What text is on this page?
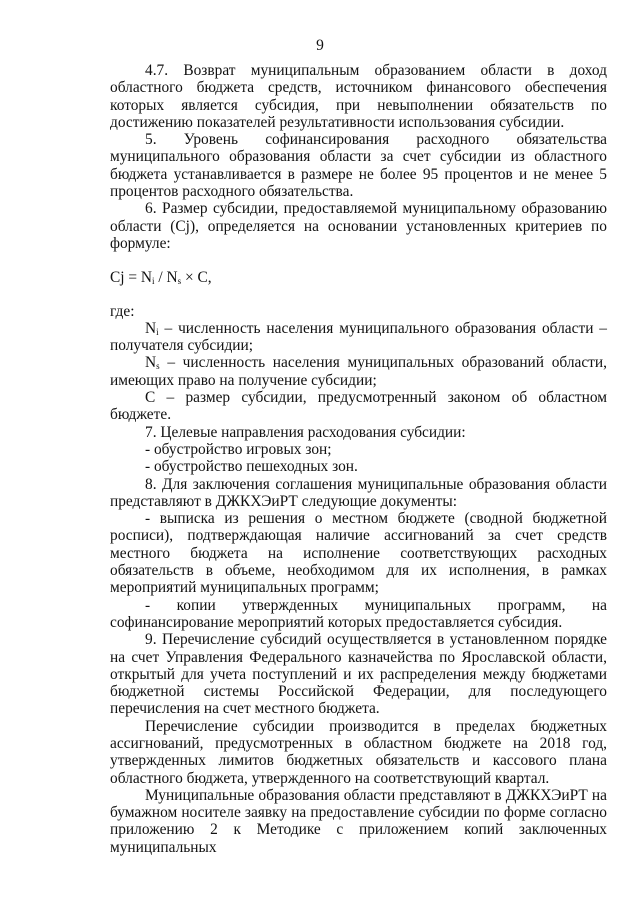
9

4.7. Возврат муниципальным образованием области в доход областного бюджета средств, источником финансового обеспечения которых является субсидия, при невыполнении обязательств по достижению показателей результативности использования субсидии.

5. Уровень софинансирования расходного обязательства муниципального образования области за счет субсидии из областного бюджета устанавливается в размере не более 95 процентов и не менее 5 процентов расходного обязательства.

6. Размер субсидии, предоставляемой муниципальному образованию области (Cj), определяется на основании установленных критериев по формуле:

$Cj = N_i / N_s \times С$,

где:

$N_i$ – численность населения муниципального образования области – получателя субсидии;

$N_s$ – численность населения муниципальных образований области, имеющих право на получение субсидии;

С – размер субсидии, предусмотренный законом об областном бюджете.

7. Целевые направления расходования субсидии:

- обустройство игровых зон;

- обустройство пешеходных зон.

8. Для заключения соглашения муниципальные образования области представляют в ДЖКХЭиРТ следующие документы:

- выписка из решения о местном бюджете (сводной бюджетной росписи), подтверждающая наличие ассигнований за счет средств местного бюджета на исполнение соответствующих расходных обязательств в объеме, необходимом для их исполнения, в рамках мероприятий муниципальных программ;

- копии утвержденных муниципальных программ, на софинансирование мероприятий которых предоставляется субсидия.

9. Перечисление субсидий осуществляется в установленном порядке на счет Управления Федерального казначейства по Ярославской области, открытый для учета поступлений и их распределения между бюджетами бюджетной системы Российской Федерации, для последующего перечисления на счет местного бюджета.

Перечисление субсидии производится в пределах бюджетных ассигнований, предусмотренных в областном бюджете на 2018 год, утвержденных лимитов бюджетных обязательств и кассового плана областного бюджета, утвержденного на соответствующий квартал.

Муниципальные образования области представляют в ДЖКХЭиРТ на бумажном носителе заявку на предоставление субсидии по форме согласно приложению 2 к Методике с приложением копий заключенных муниципальных
